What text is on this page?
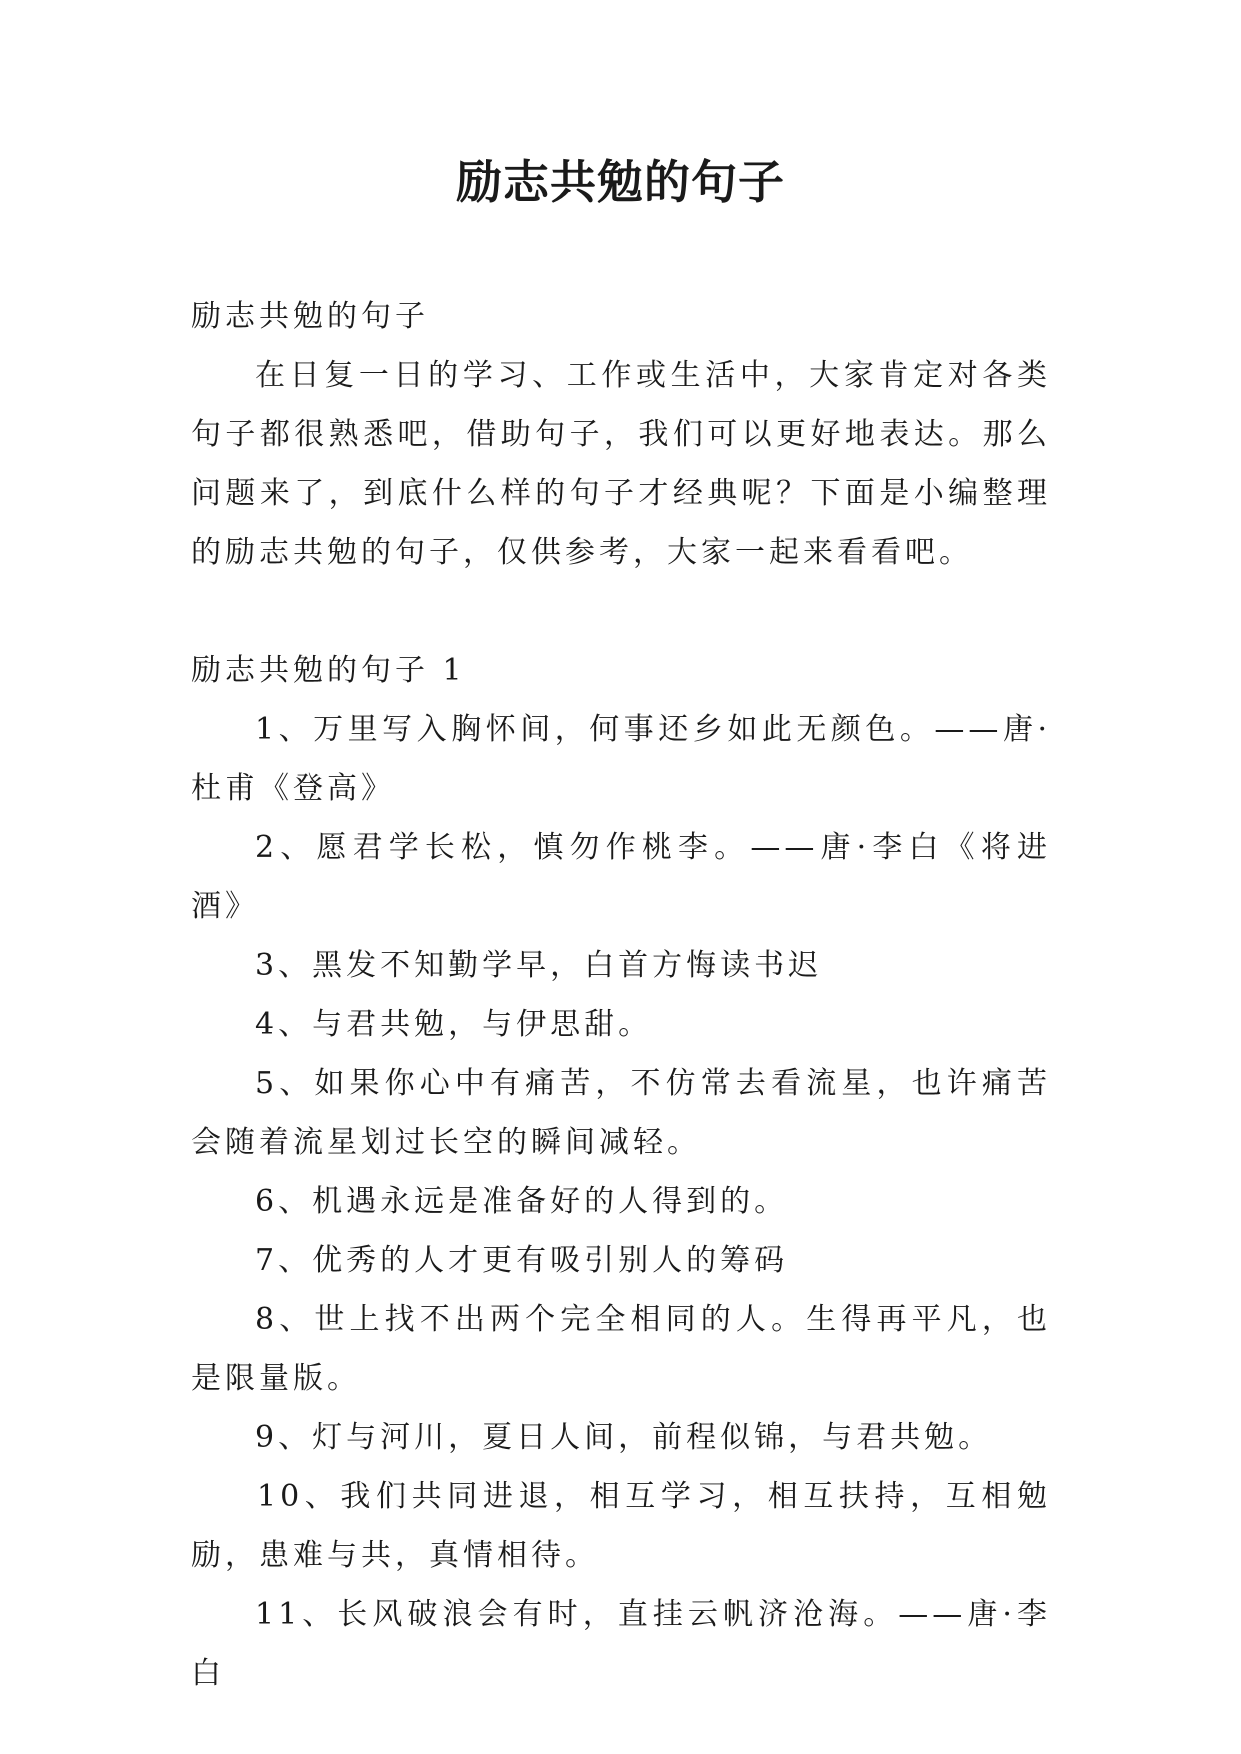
励志共勉的句子

励志共勉的句子

在日复一日的学习、工作或生活中，大家肯定对各类句子都很熟悉吧，借助句子，我们可以更好地表达。那么问题来了，到底什么样的句子才经典呢？下面是小编整理的励志共勉的句子，仅供参考，大家一起来看看吧。

励志共勉的句子 1

1、万里写入胸怀间，何事还乡如此无颜色。——唐·杜甫《登高》

2、愿君学长松，慎勿作桃李。——唐·李白《将进酒》

3、黑发不知勤学早，白首方悔读书迟

4、与君共勉，与伊思甜。

5、如果你心中有痛苦，不仿常去看流星，也许痛苦会随着流星划过长空的瞬间减轻。

6、机遇永远是准备好的人得到的。

7、优秀的人才更有吸引别人的筹码

8、世上找不出两个完全相同的人。生得再平凡，也是限量版。

9、灯与河川，夏日人间，前程似锦，与君共勉。

10、我们共同进退，相互学习，相互扶持，互相勉励，患难与共，真情相待。

11、长风破浪会有时，直挂云帆济沧海。——唐·李白
